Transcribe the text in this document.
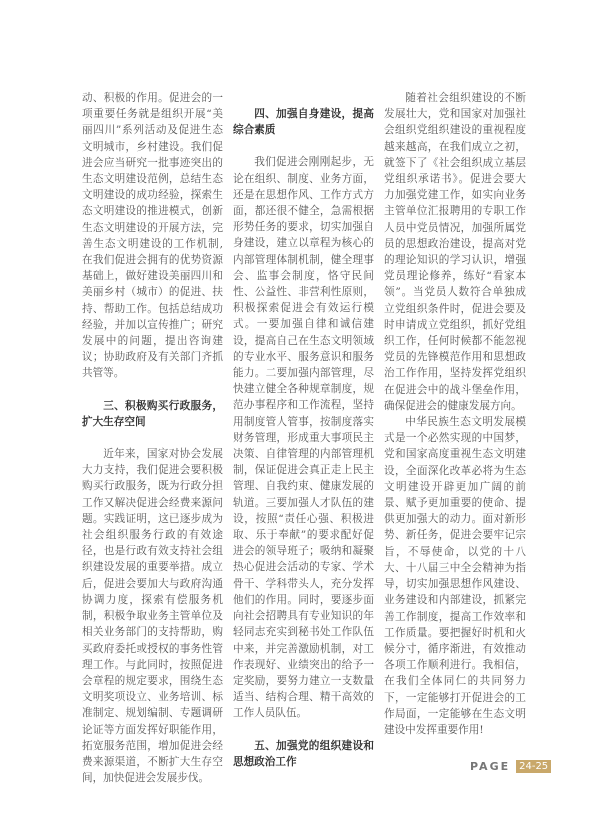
动、积极的作用。促进会的一项重要任务就是组织开展“美丽四川”系列活动及促进生态文明城市，乡村建设。我们促进会应当研究一批事迹突出的生态文明建设范例，总结生态文明建设的成功经验，探索生态文明建设的推进模式，创新生态文明建设的开展方法，完善生态文明建设的工作机制,在我们促进会拥有的优势资源基础上，做好建设美丽四川和美丽乡村（城市）的促进、扶持、帮助工作。包括总结成功经验，并加以宣传推广；研究发展中的问题，提出咨询建议；协助政府及有关部门齐抓共管等。

三、积极购买行政服务，扩大生存空间

近年来，国家对协会发展大力支持，我们促进会要积极购买行政服务，既为行政分担工作又解决促进会经费来源问题。实践证明，这已逐步成为社会组织服务行政的有效途径，也是行政有效支持社会组织建设发展的重要举措。成立后，促进会要加大与政府沟通协调力度，探索有偿服务机制，积极争取业务主管单位及相关业务部门的支持帮助，购买政府委托或授权的事务性管理工作。与此同时，按照促进会章程的规定要求，围绕生态文明奖项设立、业务培训、标准制定、规划编制、专题调研论证等方面发挥好职能作用，拓宽服务范围，增加促进会经费来源渠道，不断扩大生存空间，加快促进会发展步伐。

四、加强自身建设，提高综合素质

我们促进会刚刚起步，无论在组织、制度、业务方面，还是在思想作风、工作方式方面，都还很不健全，急需根据形势任务的要求，切实加强自身建设，建立以章程为核心的内部管理体制机制，健全理事会、监事会制度，恪守民间性、公益性、非营利性原则，积极探索促进会有效运行模式。一要加强自律和诚信建设，提高自己在生态文明领域的专业水平、服务意识和服务能力。二要加强内部管理，尽快建立健全各种规章制度，规范办事程序和工作流程，坚持用制度管人管事，按制度落实财务管理，形成重大事项民主决策、自律管理的内部管理机制，保证促进会真正走上民主管理、自我约束、健康发展的轨道。三要加强人才队伍的建设，按照“责任心强、积极进取、乐于奉献”的要求配好促进会的领导班子；吸纳和凝聚热心促进会活动的专家、学术骨干、学科带头人，充分发挥他们的作用。同时，要逐步面向社会招聘具有专业知识的年轻同志充实到秘书处工作队伍中来，并完善激励机制，对工作表现好、业绩突出的给予一定奖励，要努力建立一支数量适当、结构合理、精干高效的工作人员队伍。

五、加强党的组织建设和思想政治工作

随着社会组织建设的不断发展壮大，党和国家对加强社会组织党组织建设的重视程度越来越高，在我们成立之初，就签下了《社会组织成立基层党组织承诺书》。促进会要大力加强党建工作，如实向业务主管单位汇报聘用的专职工作人员中党员情况，加强所属党员的思想政治建设，提高对党的理论知识的学习认识，增强党员理论修养，练好“看家本领”。当党员人数符合单独成立党组织条件时，促进会要及时申请成立党组织，抓好党组织工作，任何时候都不能忽视党员的先锋模范作用和思想政治工作作用，坚持发挥党组织在促进会中的战斗堡垒作用，确保促进会的健康发展方向。

中华民族生态文明发展模式是一个必然实现的中国梦，党和国家高度重视生态文明建设，全面深化改革必将为生态文明建设开辟更加广阔的前景、赋予更加重要的使命、提供更加强大的动力。面对新形势、新任务，促进会要牢记宗旨，不辱使命，以党的十八大、十八届三中全会精神为指导，切实加强思想作风建设、业务建设和内部建设，抓紧完善工作制度，提高工作效率和工作质量。要把握好时机和火候分寸，循序渐进，有效推动各项工作顺利进行。我相信，在我们全体同仁的共同努力下，一定能够打开促进会的工作局面，一定能够在生态文明建设中发挥重要作用!

PAGE 24-25
